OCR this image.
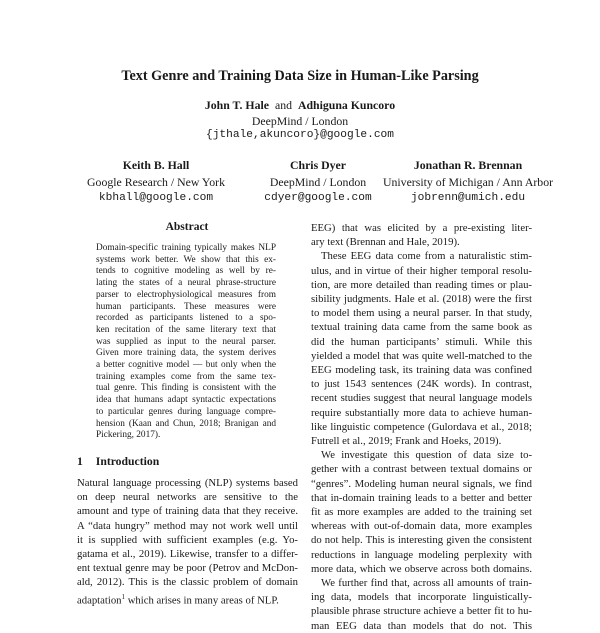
Text Genre and Training Data Size in Human-Like Parsing
John T. Hale and Adhiguna Kuncoro
DeepMind / London
{jthale,akuncoro}@google.com
Keith B. Hall
Google Research / New York
kbhall@google.com
Chris Dyer
DeepMind / London
cdyer@google.com
Jonathan R. Brennan
University of Michigan / Ann Arbor
jobrenn@umich.edu
Abstract
Domain-specific training typically makes NLP
systems work better. We show that this ex-
tends to cognitive modeling as well by re-
lating the states of a neural phrase-structure
parser to electrophysiological measures from
human participants. These measures were
recorded as participants listened to a spo-
ken recitation of the same literary text that
was supplied as input to the neural parser.
Given more training data, the system derives
a better cognitive model — but only when the
training examples come from the same tex-
tual genre. This finding is consistent with the
idea that humans adapt syntactic expectations
to particular genres during language compre-
hension (Kaan and Chun, 2018; Branigan and
Pickering, 2017).
1 Introduction
Natural language processing (NLP) systems based
on deep neural networks are sensitive to the
amount and type of training data that they receive.
A “data hungry” method may not work well until
it is supplied with sufficient examples (e.g. Yo-
gatama et al., 2019). Likewise, transfer to a differ-
ent textual genre may be poor (Petrov and McDon-
ald, 2012). This is the classic problem of domain
adaptation$^1$ which arises in many areas of NLP.
EEG) that was elicited by a pre-existing liter-
ary text (Brennan and Hale, 2019).
These EEG data come from a naturalistic stim-
ulus, and in virtue of their higher temporal resolu-
tion, are more detailed than reading times or plau-
sibility judgments. Hale et al. (2018) were the first
to model them using a neural parser. In that study,
textual training data came from the same book as
did the human participants’ stimuli. While this
yielded a model that was quite well-matched to the
EEG modeling task, its training data was confined
to just 1543 sentences (24K words). In contrast,
recent studies suggest that neural language models
require substantially more data to achieve human-
like linguistic competence (Gulordava et al., 2018;
Futrell et al., 2019; Frank and Hoeks, 2019).
We investigate this question of data size to-
gether with a contrast between textual domains or
“genres”. Modeling human neural signals, we find
that in-domain training leads to a better and better
fit as more examples are added to the training set
whereas with out-of-domain data, more examples
do not help. This is interesting given the consistent
reductions in language modeling perplexity with
more data, which we observe across both domains.
We further find that, across all amounts of train-
ing data, models that incorporate linguistically-
plausible phrase structure achieve a better fit to hu-
man EEG data than models that do not. This
